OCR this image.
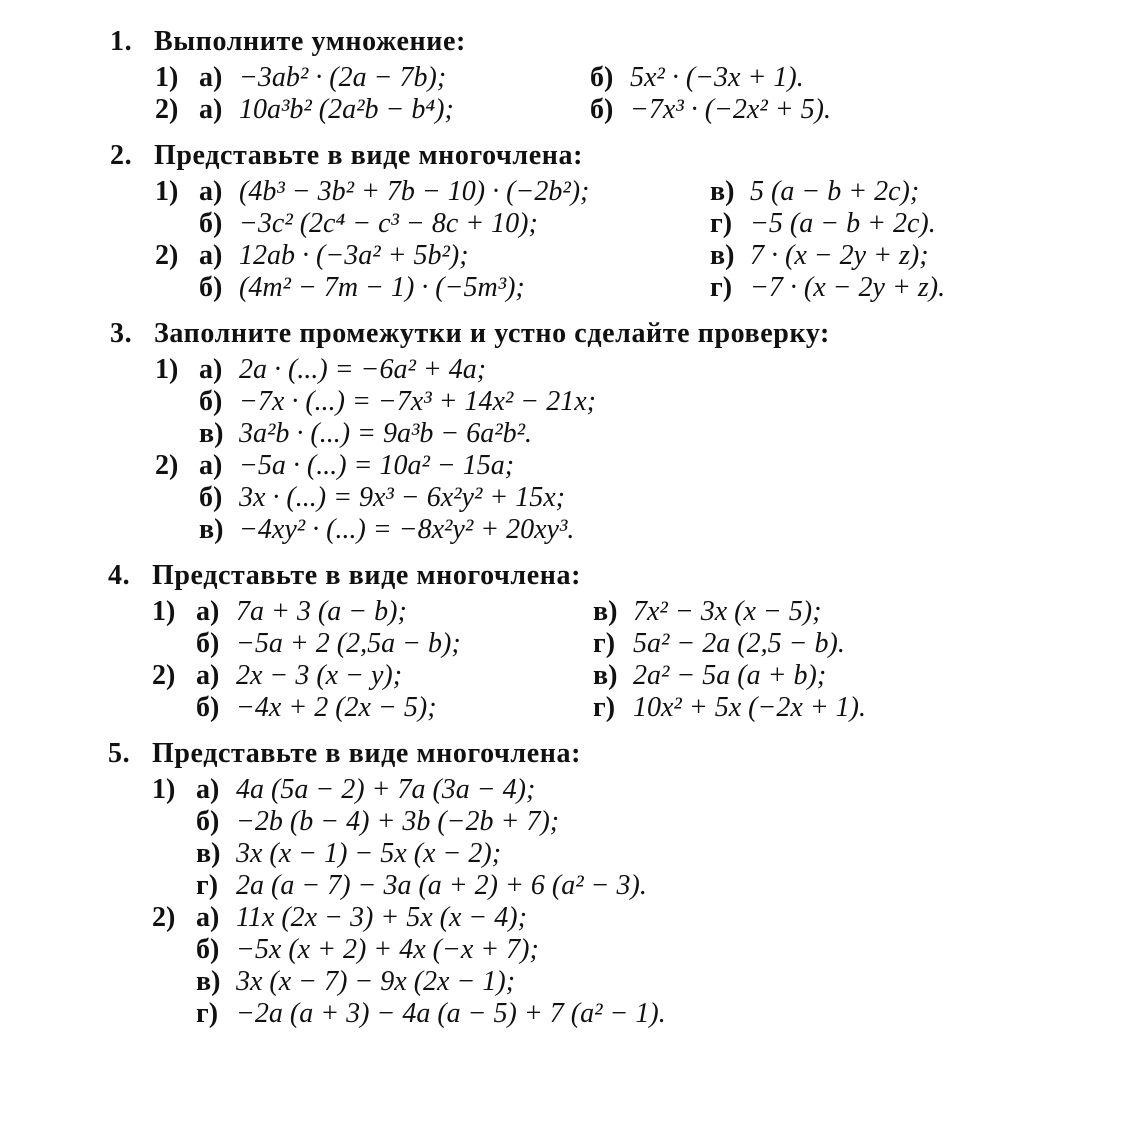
1. Выполните умножение:
1) а) −3ab² · (2a − 7b);	б) 5x² · (−3x + 1).
2) а) 10a³b² (2a²b − b⁴);	б) −7x³ · (−2x² + 5).
2. Представьте в виде многочлена:
1) а) (4b³ − 3b² + 7b − 10) · (−2b²);	в) 5 (a − b + 2c);
б) −3c² (2c⁴ − c³ − 8c + 10);	г) −5 (a − b + 2c).
2) а) 12ab · (−3a² + 5b²);	в) 7 · (x − 2y + z);
б) (4m² − 7m − 1) · (−5m³);	г) −7 · (x − 2y + z).
3. Заполните промежутки и устно сделайте проверку:
1) а) 2a · (...) = −6a² + 4a;
б) −7x · (...) = −7x³ + 14x² − 21x;
в) 3a²b · (...) = 9a³b − 6a²b².
2) а) −5a · (...) = 10a² − 15a;
б) 3x · (...) = 9x³ − 6x²y² + 15x;
в) −4xy² · (...) = −8x²y² + 20xy³.
4. Представьте в виде многочлена:
1) а) 7a + 3 (a − b);	в) 7x² − 3x (x − 5);
б) −5a + 2 (2,5a − b);	г) 5a² − 2a (2,5 − b).
2) а) 2x − 3 (x − y);	в) 2a² − 5a (a + b);
б) −4x + 2 (2x − 5);	г) 10x² + 5x (−2x + 1).
5. Представьте в виде многочлена:
1) а) 4a (5a − 2) + 7a (3a − 4);
б) −2b (b − 4) + 3b (−2b + 7);
в) 3x (x − 1) − 5x (x − 2);
г) 2a (a − 7) − 3a (a + 2) + 6 (a² − 3).
2) а) 11x (2x − 3) + 5x (x − 4);
б) −5x (x + 2) + 4x (−x + 7);
в) 3x (x − 7) − 9x (2x − 1);
г) −2a (a + 3) − 4a (a − 5) + 7 (a² − 1).
